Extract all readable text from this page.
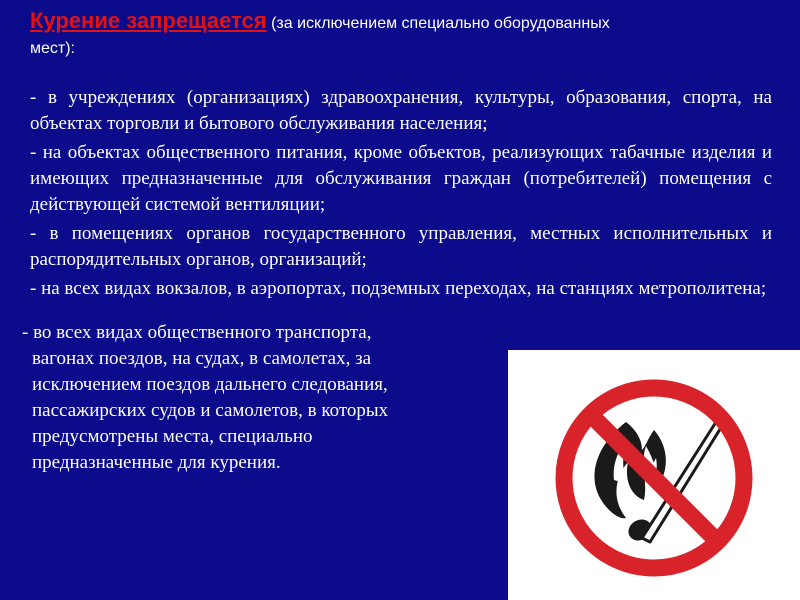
Курение запрещается (за исключением специально оборудованных
мест):
- в учреждениях (организациях) здравоохранения, культуры, образования, спорта, на объектах торговли и бытового обслуживания населения;
- на объектах общественного питания, кроме объектов, реализующих табачные изделия и имеющих предназначенные для обслуживания граждан (потребителей) помещения с действующей системой вентиляции;
- в помещениях органов государственного управления, местных исполнительных и распорядительных органов, организаций;
- на всех видах вокзалов, в аэропортах, подземных переходах, на станциях метрополитена;
- во всех видах общественного транспорта,
вагонах поездов, на судах, в самолетах, за
исключением поездов дальнего следования,
пассажирских судов и самолетов, в которых
предусмотрены места, специально
предназначенные для курения.
